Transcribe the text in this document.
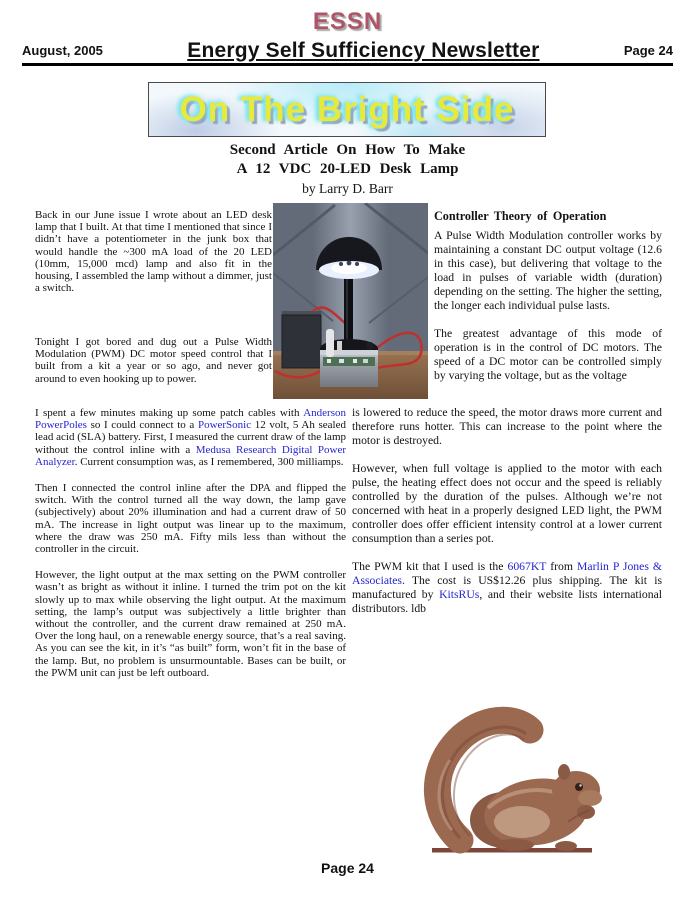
ESSN
August, 2005	Energy Self Sufficiency Newsletter	Page 24
On The Bright Side
Second Article On How To Make
A 12 VDC 20-LED Desk Lamp
by Larry D. Barr

Back in our June issue I wrote about an LED desk lamp that I built. At that time I mentioned that since I didn’t have a potentiometer in the junk box that would handle the ~300 mA load of the 20 LED (10mm, 15,000 mcd) lamp and also fit in the housing, I assembled the lamp without a dimmer, just a switch.

Tonight I got bored and dug out a Pulse Width Modulation (PWM) DC motor speed control that I built from a kit a year or so ago, and never got around to even hooking up to power.

Controller Theory of Operation

A Pulse Width Modulation controller works by maintaining a constant DC output voltage (12.6 in this case), but delivering that voltage to the load in pulses of variable width (duration) depending on the setting. The higher the setting, the longer each individual pulse lasts.

The greatest advantage of this mode of operation is in the control of DC motors. The speed of a DC motor can be controlled simply by varying the voltage, but as the voltage

I spent a few minutes making up some patch cables with Anderson PowerPoles so I could connect to a PowerSonic 12 volt, 5 Ah sealed lead acid (SLA) battery. First, I measured the current draw of the lamp without the control inline with a Medusa Research Digital Power Analyzer. Current consumption was, as I remembered, 300 milliamps.

Then I connected the control inline after the DPA and flipped the switch. With the control turned all the way down, the lamp gave (subjectively) about 20% illumination and had a current draw of 50 mA. The increase in light output was linear up to the maximum, where the draw was 250 mA. Fifty mils less than without the controller in the circuit.

However, the light output at the max setting on the PWM controller wasn’t as bright as without it inline. I turned the trim pot on the kit slowly up to max while observing the light output. At the maximum setting, the lamp’s output was subjectively a little brighter than without the controller, and the current draw remained at 250 mA. Over the long haul, on a renewable energy source, that’s a real saving. As you can see the kit, in it’s “as built” form, won’t fit in the base of the lamp. But, no problem is unsurmountable. Bases can be built, or the PWM unit can just be left outboard.

is lowered to reduce the speed, the motor draws more current and therefore runs hotter. This can increase to the point where the motor is destroyed.

However, when full voltage is applied to the motor with each pulse, the heating effect does not occur and the speed is reliably controlled by the duration of the pulses. Although we’re not concerned with heat in a properly designed LED light, the PWM controller does offer efficient intensity control at a lower current consumption than a series pot.

The PWM kit that I used is the 6067KT from Marlin P Jones & Associates. The cost is US$12.26 plus shipping. The kit is manufactured by KitsRUs, and their website lists international distributors. ldb

Page 24
